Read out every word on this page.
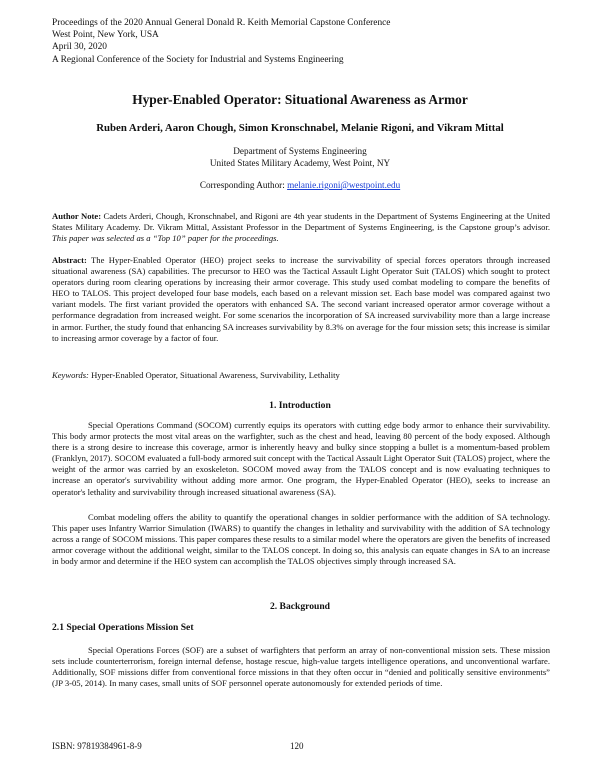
Proceedings of the 2020 Annual General Donald R. Keith Memorial Capstone Conference
West Point, New York, USA
April 30, 2020
A Regional Conference of the Society for Industrial and Systems Engineering
Hyper-Enabled Operator: Situational Awareness as Armor
Ruben Arderi, Aaron Chough, Simon Kronschnabel, Melanie Rigoni, and Vikram Mittal
Department of Systems Engineering
United States Military Academy, West Point, NY
Corresponding Author: melanie.rigoni@westpoint.edu
Author Note: Cadets Arderi, Chough, Kronschnabel, and Rigoni are 4th year students in the Department of Systems Engineering at the United States Military Academy. Dr. Vikram Mittal, Assistant Professor in the Department of Systems Engineering, is the Capstone group’s advisor. This paper was selected as a “Top 10” paper for the proceedings.
Abstract: The Hyper-Enabled Operator (HEO) project seeks to increase the survivability of special forces operators through increased situational awareness (SA) capabilities. The precursor to HEO was the Tactical Assault Light Operator Suit (TALOS) which sought to protect operators during room clearing operations by increasing their armor coverage. This study used combat modeling to compare the benefits of HEO to TALOS. This project developed four base models, each based on a relevant mission set. Each base model was compared against two variant models. The first variant provided the operators with enhanced SA. The second variant increased operator armor coverage without a performance degradation from increased weight. For some scenarios the incorporation of SA increased survivability more than a large increase in armor. Further, the study found that enhancing SA increases survivability by 8.3% on average for the four mission sets; this increase is similar to increasing armor coverage by a factor of four.
Keywords: Hyper-Enabled Operator, Situational Awareness, Survivability, Lethality
1. Introduction
Special Operations Command (SOCOM) currently equips its operators with cutting edge body armor to enhance their survivability. This body armor protects the most vital areas on the warfighter, such as the chest and head, leaving 80 percent of the body exposed. Although there is a strong desire to increase this coverage, armor is inherently heavy and bulky since stopping a bullet is a momentum-based problem (Franklyn, 2017). SOCOM evaluated a full-body armored suit concept with the Tactical Assault Light Operator Suit (TALOS) project, where the weight of the armor was carried by an exoskeleton. SOCOM moved away from the TALOS concept and is now evaluating techniques to increase an operator's survivability without adding more armor. One program, the Hyper-Enabled Operator (HEO), seeks to increase an operator's lethality and survivability through increased situational awareness (SA).
Combat modeling offers the ability to quantify the operational changes in soldier performance with the addition of SA technology. This paper uses Infantry Warrior Simulation (IWARS) to quantify the changes in lethality and survivability with the addition of SA technology across a range of SOCOM missions. This paper compares these results to a similar model where the operators are given the benefits of increased armor coverage without the additional weight, similar to the TALOS concept. In doing so, this analysis can equate changes in SA to an increase in body armor and determine if the HEO system can accomplish the TALOS objectives simply through increased SA.
2. Background
2.1 Special Operations Mission Set
Special Operations Forces (SOF) are a subset of warfighters that perform an array of non-conventional mission sets. These mission sets include counterterrorism, foreign internal defense, hostage rescue, high-value targets intelligence operations, and unconventional warfare. Additionally, SOF missions differ from conventional force missions in that they often occur in “denied and politically sensitive environments” (JP 3-05, 2014). In many cases, small units of SOF personnel operate autonomously for extended periods of time.
ISBN: 97819384961-8-9	120
